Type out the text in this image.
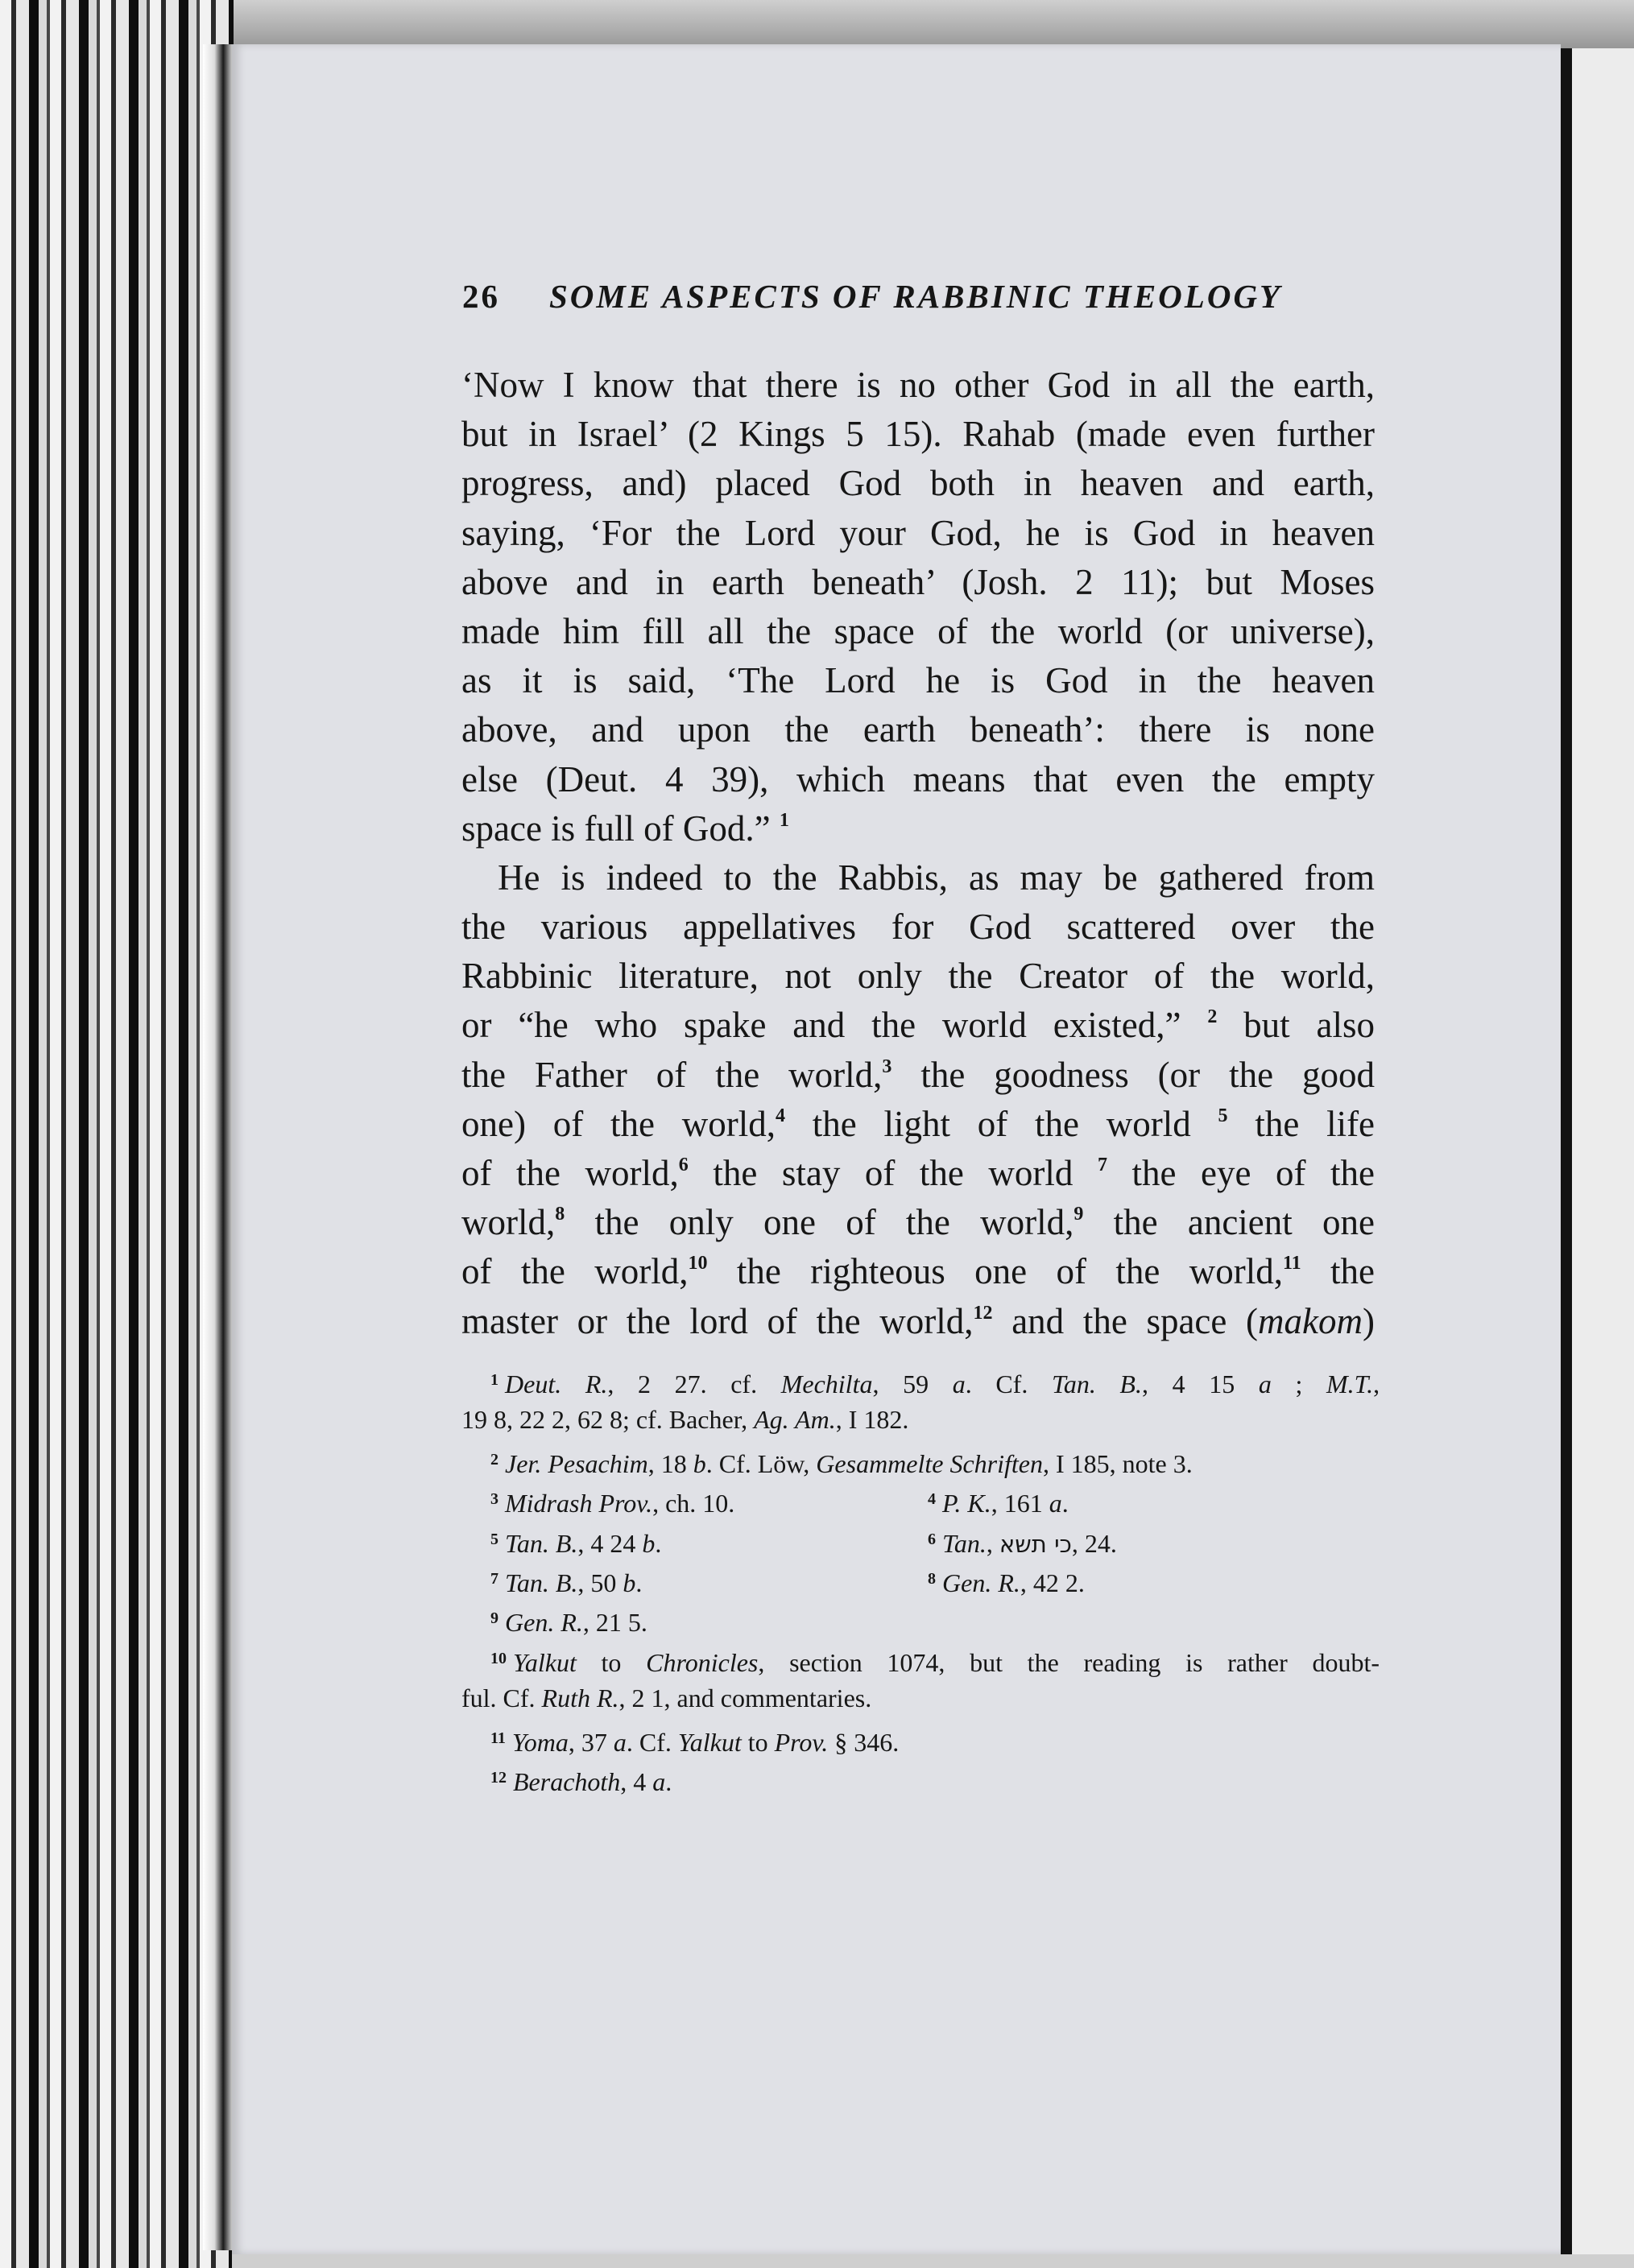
26 SOME ASPECTS OF RABBINIC THEOLOGY
‘Now I know that there is no other God in all the earth,
but in Israel’ (2 Kings 5 15). Rahab (made even further
progress, and) placed God both in heaven and earth,
saying, ‘For the Lord your God, he is God in heaven
above and in earth beneath’ (Josh. 2 11); but Moses
made him fill all the space of the world (or universe),
as it is said, ‘The Lord he is God in the heaven
above, and upon the earth beneath’: there is none
else (Deut. 4 39), which means that even the empty
space is full of God.” $^1$
He is indeed to the Rabbis, as may be gathered from
the various appellatives for God scattered over the
Rabbinic literature, not only the Creator of the world,
or “he who spake and the world existed,” $^2$ but also
the Father of the world,$^3$ the goodness (or the good
one) of the world,$^4$ the light of the world $^5$ the life
of the world,$^6$ the stay of the world $^7$ the eye of the
world,$^8$ the only one of the world,$^9$ the ancient one
of the world,$^{10}$ the righteous one of the world,$^{11}$ the
master or the lord of the world,$^{12}$ and the space (makom)
$^1$ Deut. R., 2 27. cf. Mechilta, 59 a. Cf. Tan. B., 4 15 a ; M.T.,
19 8, 22 2, 62 8; cf. Bacher, Ag. Am., I 182.
$^2$ Jer. Pesachim, 18 b. Cf. Löw, Gesammelte Schriften, I 185, note 3.
$^3$ Midrash Prov., ch. 10.	$^4$ P. K., 161 a.
$^5$ Tan. B., 4 24 b.	$^6$ Tan., כי תשא, 24.
$^7$ Tan. B., 50 b.	$^8$ Gen. R., 42 2.
$^9$ Gen. R., 21 5.
$^{10}$ Yalkut to Chronicles, section 1074, but the reading is rather doubt-
ful. Cf. Ruth R., 2 1, and commentaries.
$^{11}$ Yoma, 37 a. Cf. Yalkut to Prov. § 346.
$^{12}$ Berachoth, 4 a.
